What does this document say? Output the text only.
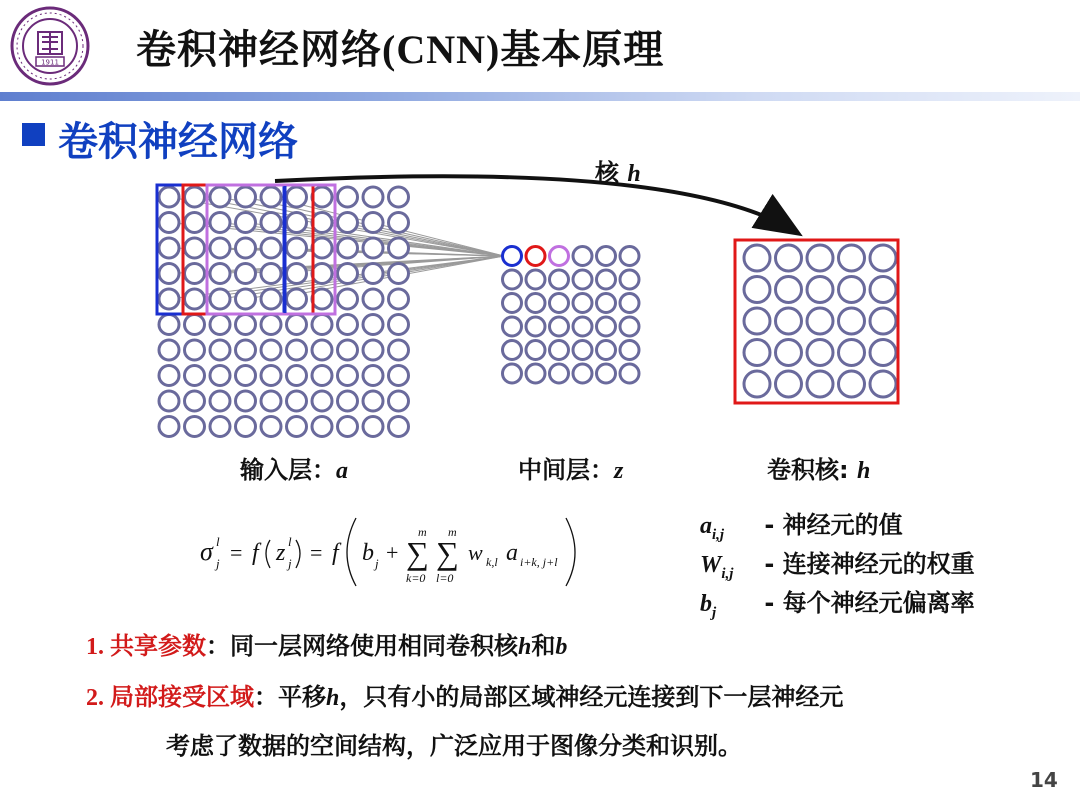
1911 卷积神经网络(CNN)基本原理
卷积神经网络
核 h
输入层：a	中间层：z	卷积核: h
σ l
j = f z l
j = f b j + ∑
m
k=0
∑
m
l=0
w k,l a i+k, j+l
$a_{i,j}$ - 神经元的值
$W_{i,j}$ - 连接神经元的权重
$b_j$ - 每个神经元偏离率
1. 共享参数：同一层网络使用相同卷积核h和b
2. 局部接受区域：平移h，只有小的局部区域神经元连接到下一层神经元
考虑了数据的空间结构，广泛应用于图像分类和识别。
14
